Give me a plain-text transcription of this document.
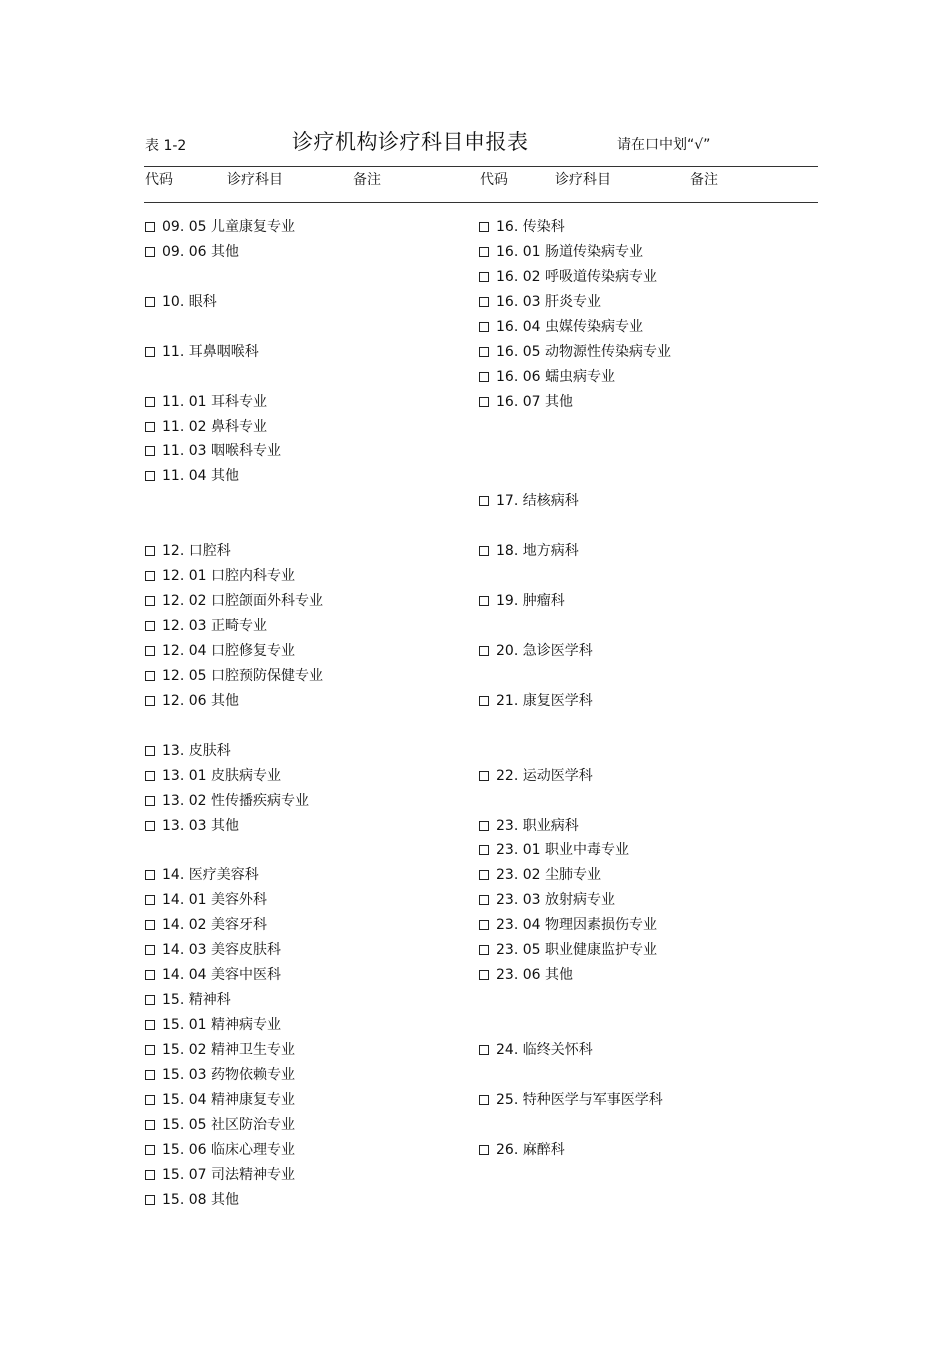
表 1-2	诊疗机构诊疗科目申报表	请在口中划“√”
代码	诊疗科目	备注	代码	诊疗科目	备注
09. 05 儿童康复专业
09. 06 其他
10. 眼科
11. 耳鼻咽喉科
11. 01 耳科专业
11. 02 鼻科专业
11. 03 咽喉科专业
11. 04 其他
12. 口腔科
12. 01 口腔内科专业
12. 02 口腔颌面外科专业
12. 03 正畸专业
12. 04 口腔修复专业
12. 05 口腔预防保健专业
12. 06 其他
13. 皮肤科
13. 01 皮肤病专业
13. 02 性传播疾病专业
13. 03 其他
14. 医疗美容科
14. 01 美容外科
14. 02 美容牙科
14. 03 美容皮肤科
14. 04 美容中医科
15. 精神科
15. 01 精神病专业
15. 02 精神卫生专业
15. 03 药物依赖专业
15. 04 精神康复专业
15. 05 社区防治专业
15. 06 临床心理专业
15. 07 司法精神专业
15. 08 其他
16. 传染科
16. 01 肠道传染病专业
16. 02 呼吸道传染病专业
16. 03 肝炎专业
16. 04 虫媒传染病专业
16. 05 动物源性传染病专业
16. 06 蠕虫病专业
16. 07 其他
17. 结核病科
18. 地方病科
19. 肿瘤科
20. 急诊医学科
21. 康复医学科
22. 运动医学科
23. 职业病科
23. 01 职业中毒专业
23. 02 尘肺专业
23. 03 放射病专业
23. 04 物理因素损伤专业
23. 05 职业健康监护专业
23. 06 其他
24. 临终关怀科
25. 特种医学与军事医学科
26. 麻醉科
